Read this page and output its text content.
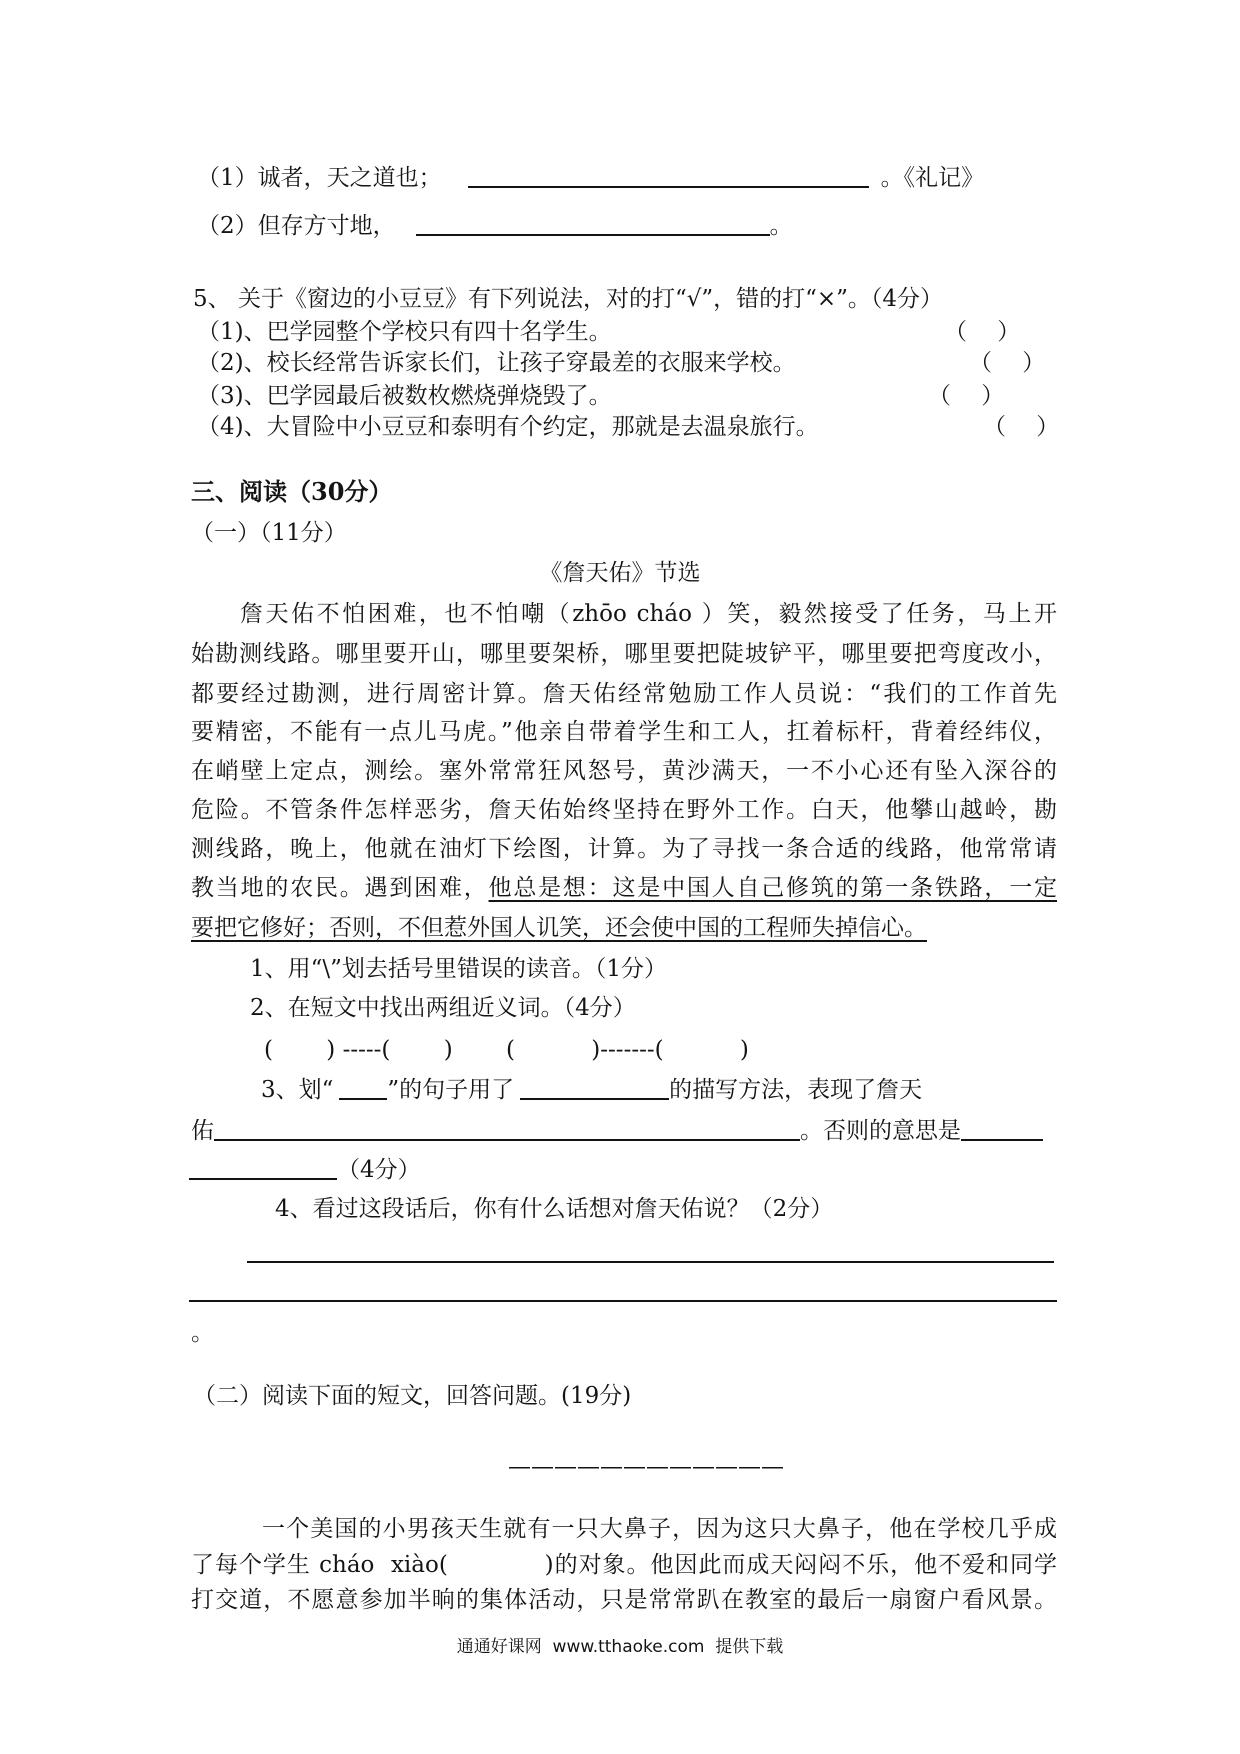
（1）诚者，天之道也；	。《礼记》
（2）但存方寸地，	。
5、 关于《窗边的小豆豆》有下列说法，对的打“√”，错的打“×”。（4分）
（1)、巴学园整个学校只有四十名学生。	（　 ）
（2)、校长经常告诉家长们，让孩子穿最差的衣服来学校。	（　 ）
（3)、巴学园最后被数枚燃烧弹烧毁了。	（　 ）
（4)、大冒险中小豆豆和泰明有个约定，那就是去温泉旅行。	（　 ）
三、阅读（30分）
（一）（11分）
《詹天佑》节选
詹天佑不怕困难，也不怕嘲（zhōo cháo ）笑，毅然接受了任务，马上开
始勘测线路。哪里要开山，哪里要架桥，哪里要把陡坡铲平，哪里要把弯度改小，
都要经过勘测，进行周密计算。詹天佑经常勉励工作人员说：“我们的工作首先
要精密，不能有一点儿马虎。”他亲自带着学生和工人，扛着标杆，背着经纬仪，
在峭壁上定点，测绘。塞外常常狂风怒号，黄沙满天，一不小心还有坠入深谷的
危险。不管条件怎样恶劣，詹天佑始终坚持在野外工作。白天，他攀山越岭，勘
测线路，晚上，他就在油灯下绘图，计算。为了寻找一条合适的线路，他常常请
教当地的农民。遇到困难，他总是想：这是中国人自己修筑的第一条铁路，一定
要把它修好；否则，不但惹外国人讥笑，还会使中国的工程师失掉信心。
1、用“\”划去括号里错误的读音。（1分）
2、在短文中找出两组近义词。（4分）
(　　 ) -----(　　 )　　 (　　　 )-------(　　　 )
3、划“ ”的句子用了	的描写方法，表现了詹天
佑	。否则的意思是
（4分）
4、看过这段话后，你有什么话想对詹天佑说？（2分）
。
（二）阅读下面的短文，回答问题。(19分)
————————————
一个美国的小男孩天生就有一只大鼻子，因为这只大鼻子，他在学校几乎成
了每个学生 cháo  xiào(　　　　)的对象。他因此而成天闷闷不乐，他不爱和同学
打交道，不愿意参加半晌的集体活动，只是常常趴在教室的最后一扇窗户看风景。
通通好课网  www.tthaoke.com  提供下载
